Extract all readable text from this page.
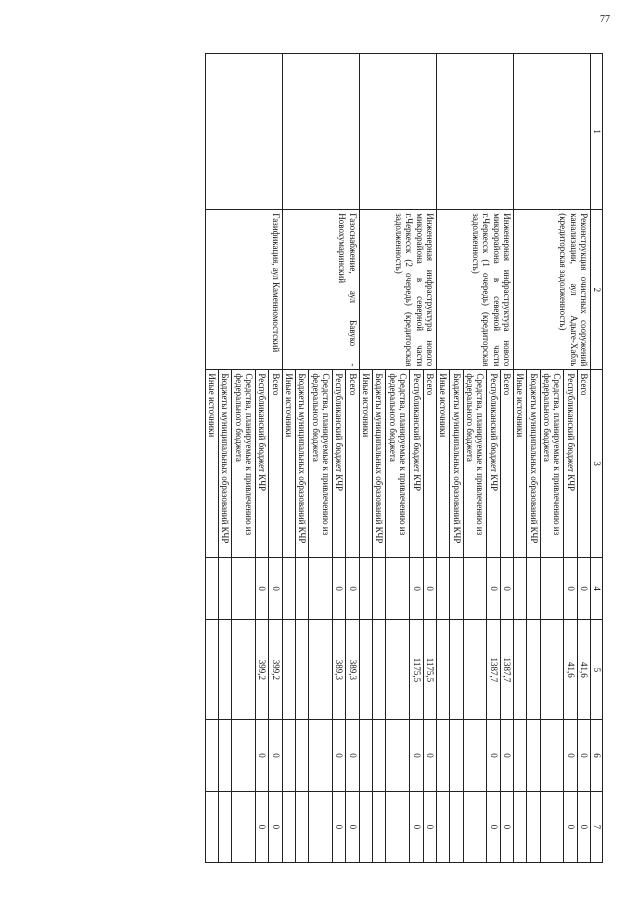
77
1	2	3	4	5	6	7
	Реконструкция очистных сооружений канализации, аул Адыге-Хабль (кредиторская задолженность)	Всего	0	41,6	0	0
		Республиканский бюджет КЧР	0	41,6	0	0
		Средства, планируемые к привлечению из федерального бюджета				
		Бюджеты муниципальных образований КЧР				
		Иные источники				
	Инженерная инфраструктура нового микрорайона в северной части г.Черкесск (1 очередь) (кредиторская задолженность)	Всего	0	1387,7	0	0
		Республиканский бюджет КЧР	0	1387,7	0	0
		Средства, планируемые к привлечению из федерального бюджета				
		Бюджеты муниципальных образований КЧР				
		Иные источники				
	Инженерная инфраструктура нового микрорайона в северной части г.Черкесск (2 очередь) (кредиторская задолженность)	Всего	0	1175,5	0	0
		Республиканский бюджет КЧР	0	1175,5	0	0
		Средства, планируемые к привлечению из федерального бюджета				
		Бюджеты муниципальных образований КЧР				
		Иные источники				
	Газоснабжение, аул Бавуко - Новохумаринский	Всего	0	389,3	0	0
		Республиканский бюджет КЧР	0	389,3	0	0
		Средства, планируемые к привлечению из федерального бюджета				
		Бюджеты муниципальных образований КЧР				
		Иные источники				
	Газификация, аул Каменномостский	Всего	0	399,2	0	0
		Республиканский бюджет КЧР	0	399,2	0	0
		Средства, планируемые к привлечению из федерального бюджета				
		Бюджеты муниципальных образований КЧР				
		Иные источники				
